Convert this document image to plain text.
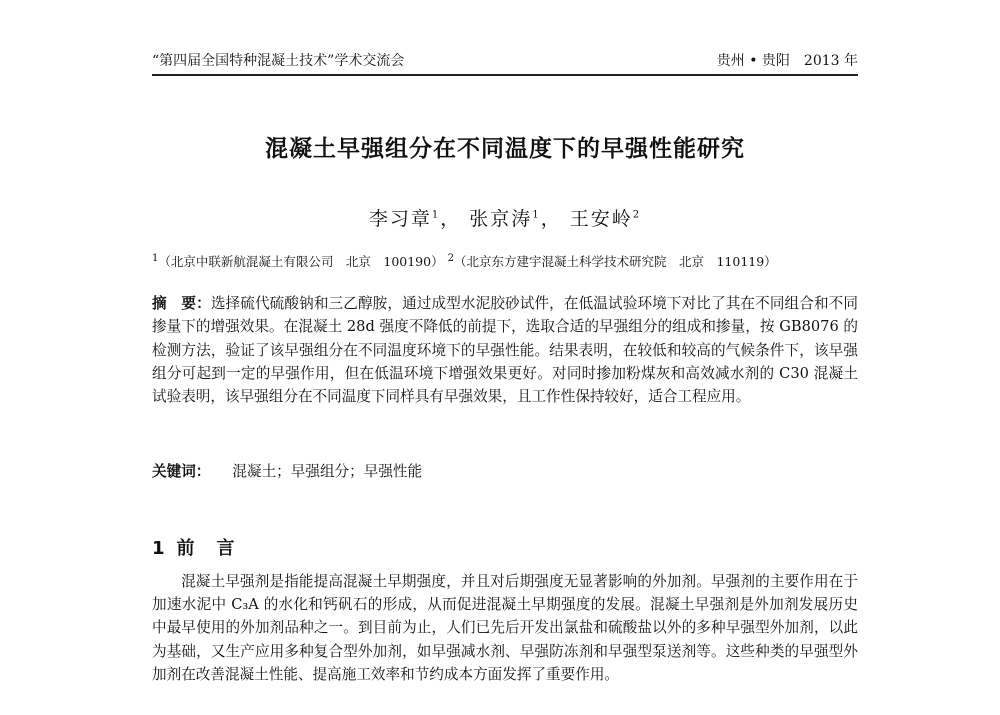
“第四届全国特种混凝土技术”学术交流会	贵州 • 贵阳　2013 年
混凝土早强组分在不同温度下的早强性能研究
李习章$^1$， 张京涛$^1$， 王安岭$^2$
$^1$（北京中联新航混凝土有限公司　北京　100190） $^2$（北京东方建宇混凝土科学技术研究院　北京　110119）
摘　要：选择硫代硫酸钠和三乙醇胺，通过成型水泥胶砂试件，在低温试验环境下对比了其在不同组合和不同掺量下的增强效果。在混凝土 28d 强度不降低的前提下，选取合适的早强组分的组成和掺量，按 GB8076 的检测方法，验证了该早强组分在不同温度环境下的早强性能。结果表明，在较低和较高的气候条件下，该早强组分可起到一定的早强作用，但在低温环境下增强效果更好。对同时掺加粉煤灰和高效减水剂的 C30 混凝土试验表明，该早强组分在不同温度下同样具有早强效果，且工作性保持较好，适合工程应用。
关键词： 混凝土；早强组分；早强性能
1 前言
混凝土早强剂是指能提高混凝土早期强度，并且对后期强度无显著影响的外加剂。早强剂的主要作用在于加速水泥中 C₃A 的水化和钙矾石的形成，从而促进混凝土早期强度的发展。混凝土早强剂是外加剂发展历史中最早使用的外加剂品种之一。到目前为止，人们已先后开发出氯盐和硫酸盐以外的多种早强型外加剂，以此为基础，又生产应用多种复合型外加剂，如早强减水剂、早强防冻剂和早强型泵送剂等。这些种类的早强型外加剂在改善混凝土性能、提高施工效率和节约成本方面发挥了重要作用。
